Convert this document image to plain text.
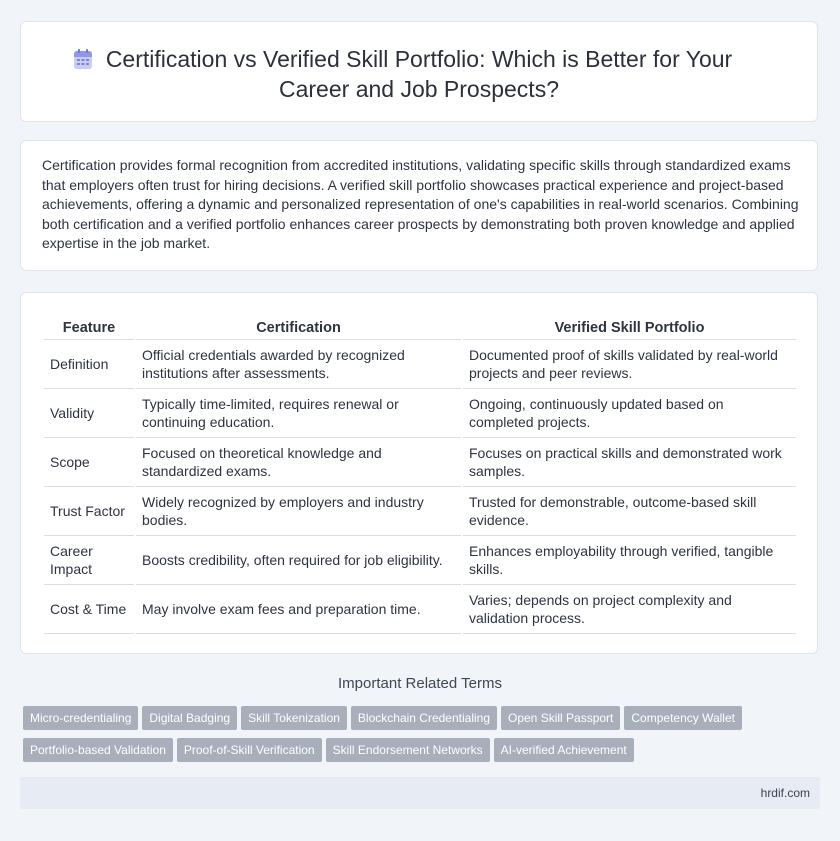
Certification vs Verified Skill Portfolio: Which is Better for Your Career and Job Prospects?
Certification provides formal recognition from accredited institutions, validating specific skills through standardized exams that employers often trust for hiring decisions. A verified skill portfolio showcases practical experience and project-based achievements, offering a dynamic and personalized representation of one's capabilities in real-world scenarios. Combining both certification and a verified portfolio enhances career prospects by demonstrating both proven knowledge and applied expertise in the job market.
Feature	Certification	Verified Skill Portfolio
Definition	Official credentials awarded by recognized institutions after assessments.	Documented proof of skills validated by real-world projects and peer reviews.
Validity	Typically time-limited, requires renewal or continuing education.	Ongoing, continuously updated based on completed projects.
Scope	Focused on theoretical knowledge and standardized exams.	Focuses on practical skills and demonstrated work samples.
Trust Factor	Widely recognized by employers and industry bodies.	Trusted for demonstrable, outcome-based skill evidence.
Career Impact	Boosts credibility, often required for job eligibility.	Enhances employability through verified, tangible skills.
Cost & Time	May involve exam fees and preparation time.	Varies; depends on project complexity and validation process.
Important Related Terms
Micro-credentialing Digital Badging Skill Tokenization Blockchain Credentialing Open Skill Passport Competency Wallet
Portfolio-based Validation Proof-of-Skill Verification Skill Endorsement Networks AI-verified Achievement
hrdif.com
